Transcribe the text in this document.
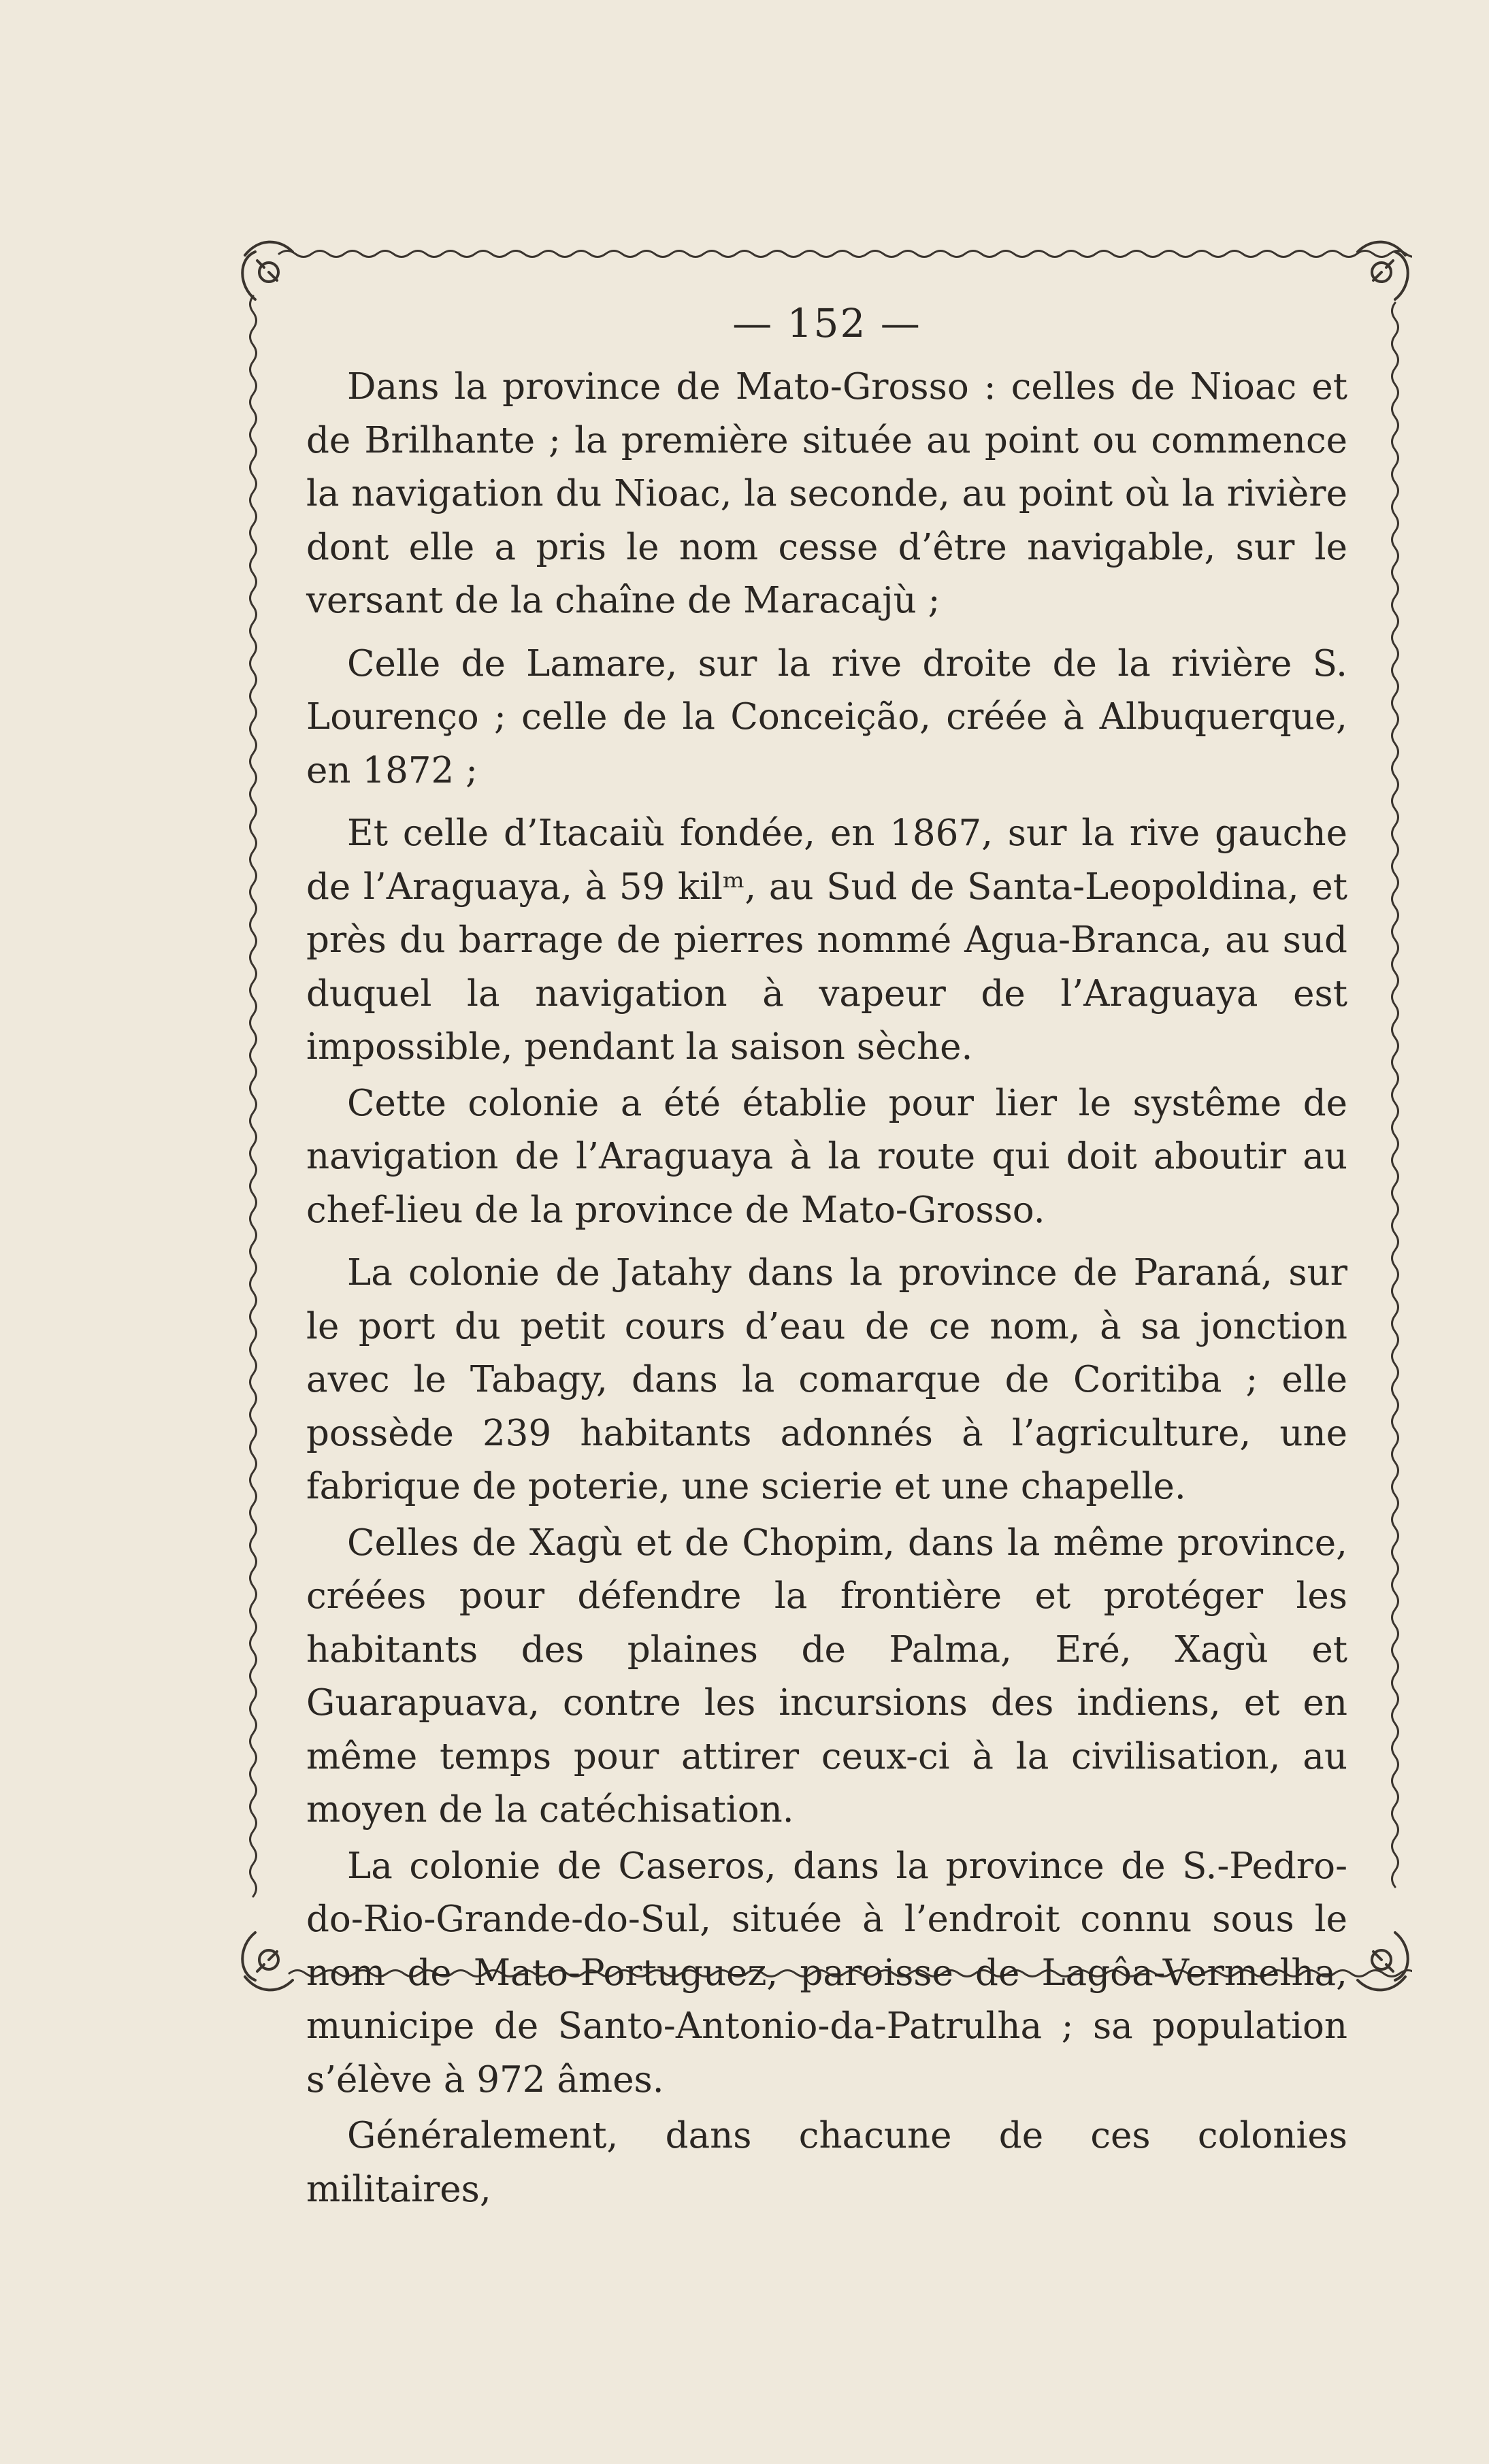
— 152 —

Dans la province de Mato-Grosso : celles de Nioac et de Brilhante ; la première située au point ou commence la navigation du Nioac, la seconde, au point où la rivière dont elle a pris le nom cesse d’être navigable, sur le versant de la chaîne de Maracajù ;

Celle de Lamare, sur la rive droite de la rivière S. Lourenço ; celle de la Conceição, créée à Albuquerque, en 1872 ;

Et celle d’Itacaiù fondée, en 1867, sur la rive gauche de l’Araguaya, à 59 kilᵐ, au Sud de Santa-Leopoldina, et près du barrage de pierres nommé Agua-Branca, au sud duquel la navigation à vapeur de l’Araguaya est impossible, pendant la saison sèche.

Cette colonie a été établie pour lier le systême de navigation de l’Araguaya à la route qui doit aboutir au chef-lieu de la province de Mato-Grosso.

La colonie de Jatahy dans la province de Paraná, sur le port du petit cours d’eau de ce nom, à sa jonction avec le Tabagy, dans la comarque de Coritiba ; elle possède 239 habitants adonnés à l’agriculture, une fabrique de poterie, une scierie et une chapelle.

Celles de Xagù et de Chopim, dans la même province, créées pour défendre la frontière et protéger les habitants des plaines de Palma, Eré, Xagù et Guarapuava, contre les incursions des indiens, et en même temps pour attirer ceux-ci à la civilisation, au moyen de la catéchisation.

La colonie de Caseros, dans la province de S.-Pedro-do-Rio-Grande-do-Sul, située à l’endroit connu sous le nom de Mato-Portuguez, paroisse de Lagôa-Vermelha, municipe de Santo-Antonio-da-Patrulha ; sa population s’élève à 972 âmes.

Généralement, dans chacune de ces colonies militaires,
